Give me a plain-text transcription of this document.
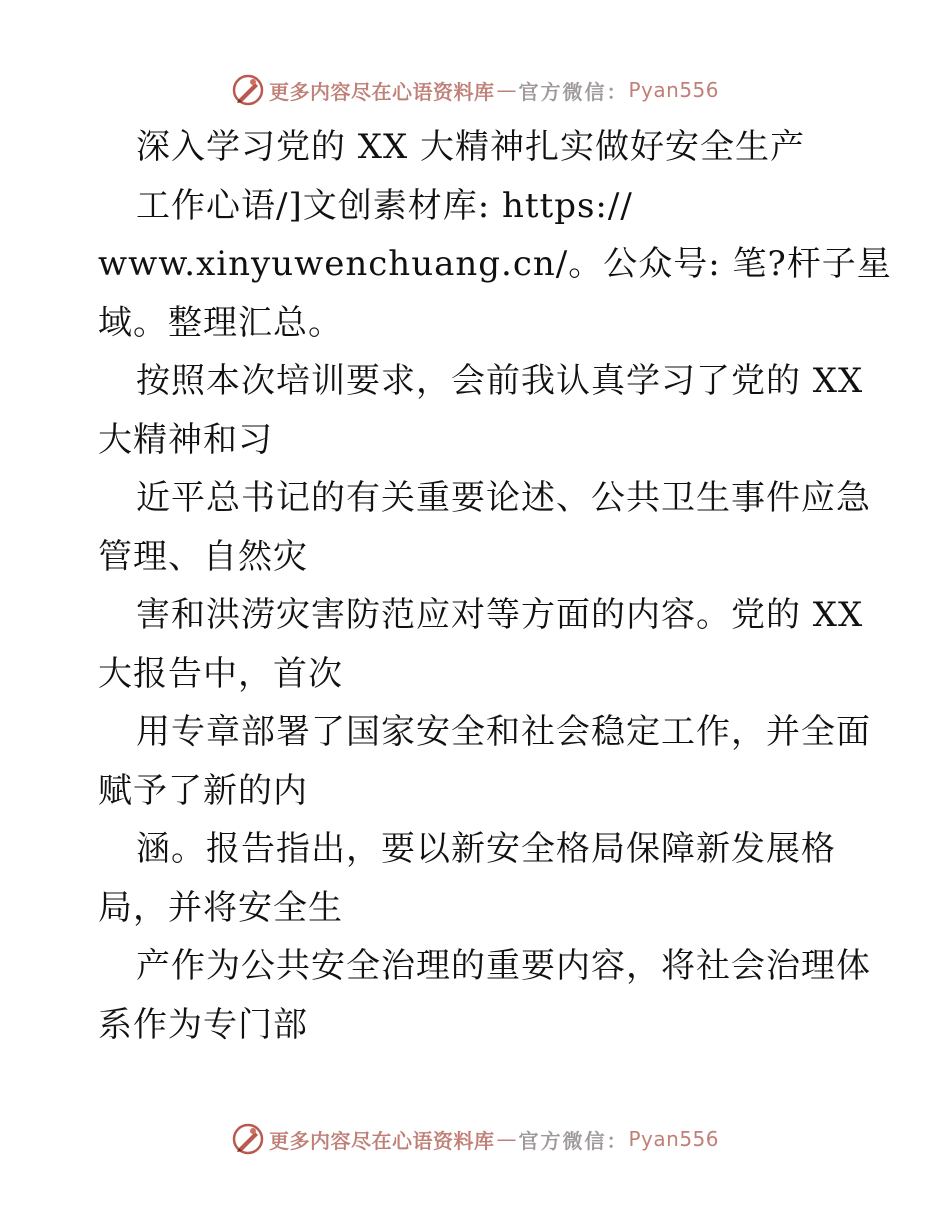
更多内容尽在心语资料库 — 官方微信： Pyan556
深入学习党的 XX 大精神扎实做好安全生产
工作心语/]文创素材库: https://
www.xinyuwenchuang.cn/。公众号: 笔?杆子星
域。整理汇总。
按照本次培训要求，会前我认真学习了党的 XX
大精神和习
近平总书记的有关重要论述、公共卫生事件应急
管理、自然灾
害和洪涝灾害防范应对等方面的内容。党的 XX
大报告中，首次
用专章部署了国家安全和社会稳定工作，并全面
赋予了新的内
涵。报告指出，要以新安全格局保障新发展格
局，并将安全生
产作为公共安全治理的重要内容，将社会治理体
系作为专门部
更多内容尽在心语资料库 — 官方微信： Pyan556
